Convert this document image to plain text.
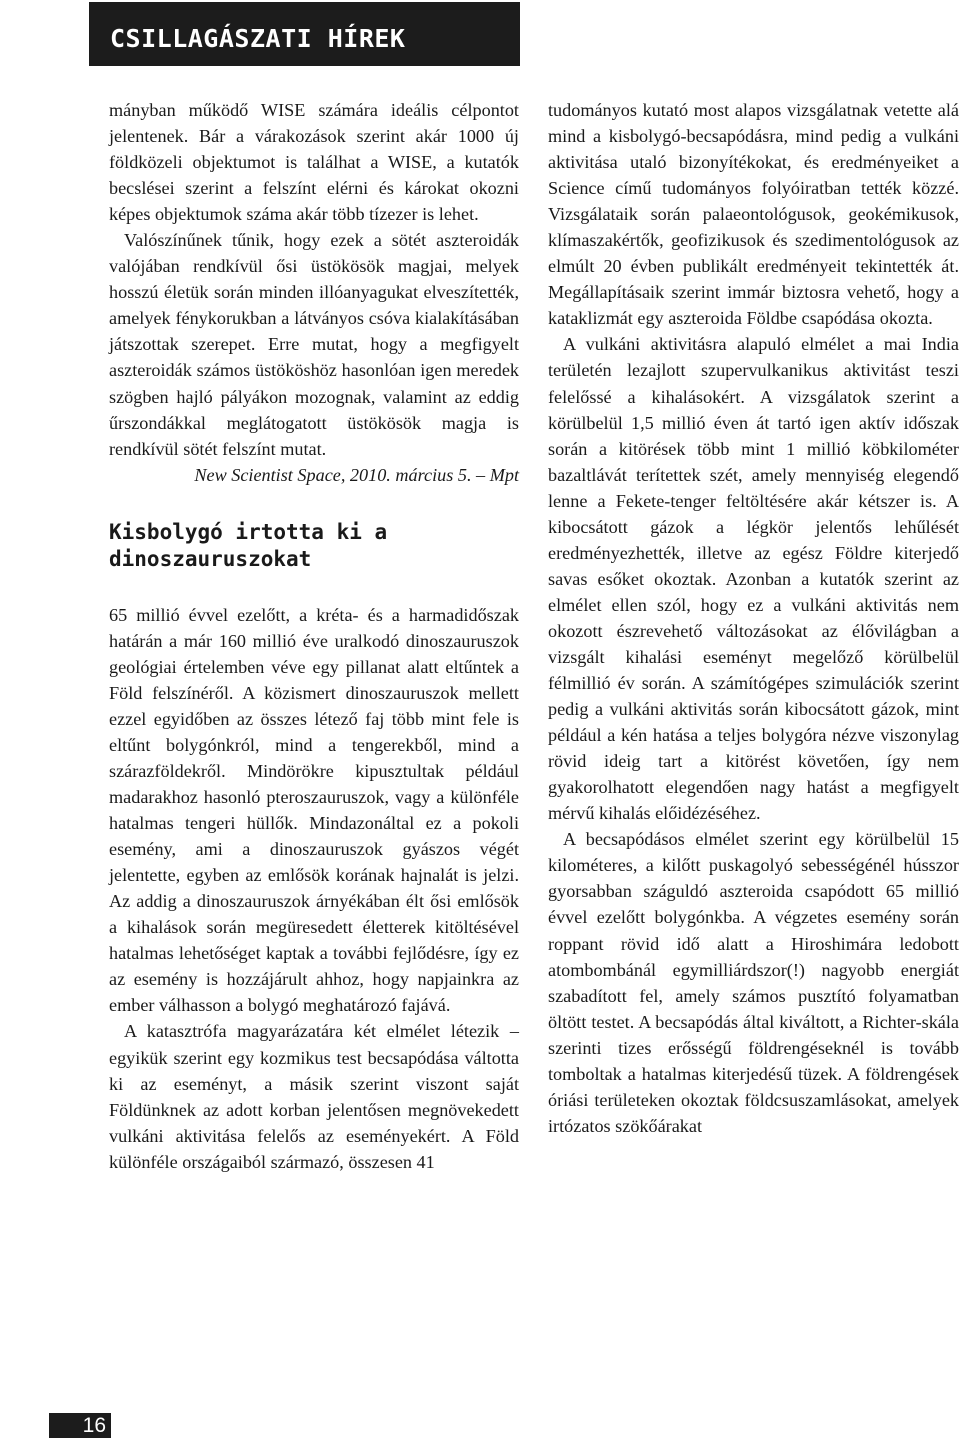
CSILLAGÁSZATI HÍREK

mányban működő WISE számára ideális célpontot jelentenek. Bár a várakozások szerint akár 1000 új földközeli objektumot is találhat a WISE, a kutatók becslései szerint a felszínt elérni és károkat okozni képes objektumok száma akár több tízezer is lehet.

Valószínűnek tűnik, hogy ezek a sötét aszteroidák valójában rendkívül ősi üstökösök magjai, melyek hosszú életük során minden illóanyagukat elveszítették, amelyek fénykorukban a látványos csóva kialakításában játszottak szerepet. Erre mutat, hogy a megfigyelt aszteroidák számos üstököshöz hasonlóan igen meredek szögben hajló pályákon mozognak, valamint az eddig űrszondákkal meglátogatott üstökösök magja is rendkívül sötét felszínt mutat.

New Scientist Space, 2010. március 5. – Mpt

Kisbolygó irtotta ki a
dinoszauruszokat

65 millió évvel ezelőtt, a kréta- és a harmadidőszak határán a már 160 millió éve uralkodó dinoszauruszok geológiai értelemben véve egy pillanat alatt eltűntek a Föld felszínéről. A közismert dinoszauruszok mellett ezzel egyidőben az összes létező faj több mint fele is eltűnt bolygónkról, mind a tengerekből, mind a szárazföldekről. Mindörökre kipusztultak például madarakhoz hasonló pteroszauruszok, vagy a különféle hatalmas tengeri hüllők. Mindazonáltal ez a pokoli esemény, ami a dinoszauruszok gyászos végét jelentette, egyben az emlősök korának hajnalát is jelzi. Az addig a dinoszauruszok árnyékában élt ősi emlősök a kihalások során megüresedett életterek kitöltésével hatalmas lehetőséget kaptak a további fejlődésre, így ez az esemény is hozzájárult ahhoz, hogy napjainkra az ember válhasson a bolygó meghatározó fajává.

A katasztrófa magyarázatára két elmélet létezik – egyikük szerint egy kozmikus test becsapódása váltotta ki az eseményt, a másik szerint viszont saját Földünknek az adott korban jelentősen megnövekedett vulkáni aktivitása felelős az eseményekért. A Föld különféle országaiból származó, összesen 41

tudományos kutató most alapos vizsgálatnak vetette alá mind a kisbolygó-becsapódásra, mind pedig a vulkáni aktivitása utaló bizonyítékokat, és eredményeiket a Science című tudományos folyóiratban tették közzé. Vizsgálataik során palaeontológusok, geokémikusok, klímaszakértők, geofizikusok és szedimentológusok az elmúlt 20 évben publikált eredményeit tekintették át. Megállapításaik szerint immár biztosra vehető, hogy a kataklizmát egy aszteroida Földbe csapódása okozta.

A vulkáni aktivitásra alapuló elmélet a mai India területén lezajlott szupervulkanikus aktivitást teszi felelőssé a kihalásokért. A vizsgálatok szerint a körülbelül 1,5 millió éven át tartó igen aktív időszak során a kitörések több mint 1 millió köbkilométer bazaltlávát terítettek szét, amely mennyiség elegendő lenne a Fekete-tenger feltöltésére akár kétszer is. A kibocsátott gázok a légkör jelentős lehűlését eredményezhették, illetve az egész Földre kiterjedő savas esőket okoztak. Azonban a kutatók szerint az elmélet ellen szól, hogy ez a vulkáni aktivitás nem okozott észrevehető változásokat az élővilágban a vizsgált kihalási eseményt megelőző körülbelül félmillió év során. A számítógépes szimulációk szerint pedig a vulkáni aktivitás során kibocsátott gázok, mint például a kén hatása a teljes bolygóra nézve viszonylag rövid ideig tart a kitörést követően, így nem gyakorolhatott elegendően nagy hatást a megfigyelt mérvű kihalás előidézéséhez.

A becsapódásos elmélet szerint egy körülbelül 15 kilométeres, a kilőtt puskagolyó sebességénél hússzor gyorsabban száguldó aszteroida csapódott 65 millió évvel ezelőtt bolygónkba. A végzetes esemény során roppant rövid idő alatt a Hiroshimára ledobott atombombánál egymilliárdszor(!) nagyobb energiát szabadított fel, amely számos pusztító folyamatban öltött testet. A becsapódás által kiváltott, a Richter-skála szerinti tizes erősségű földrengéseknél is tovább tomboltak a hatalmas kiterjedésű tüzek. A földrengések óriási területeken okoztak földcsuszamlásokat, amelyek irtózatos szökőárakat

16
